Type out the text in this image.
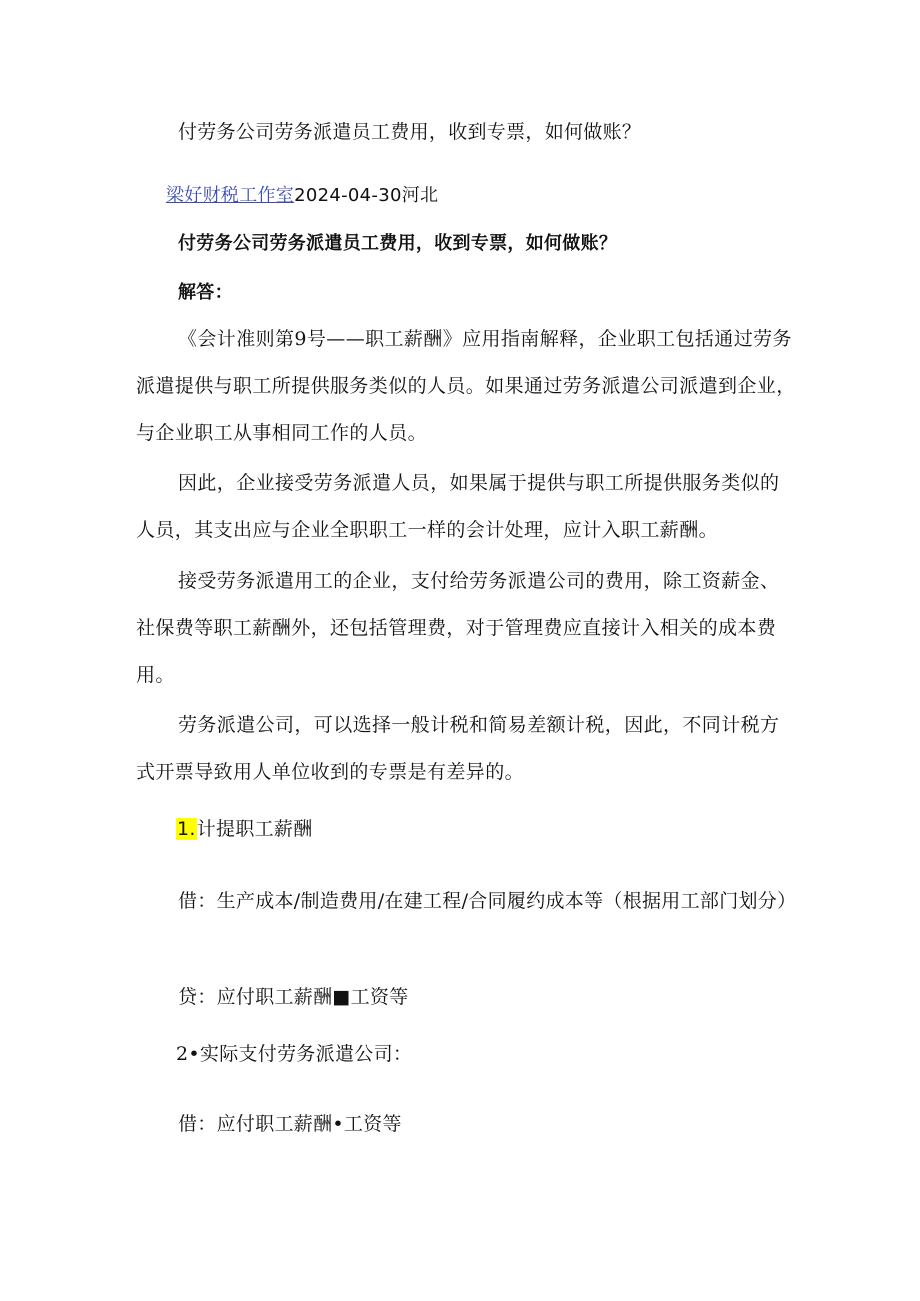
付劳务公司劳务派遣员工费用，收到专票，如何做账？
梁好财税工作室2024-04-30河北
付劳务公司劳务派遣员工费用，收到专票，如何做账？
解答：

《会计准则第9号——职工薪酬》应用指南解释，企业职工包括通过劳务派遣提供与职工所提供服务类似的人员。如果通过劳务派遣公司派遣到企业，与企业职工从事相同工作的人员。

因此，企业接受劳务派遣人员，如果属于提供与职工所提供服务类似的人员，其支出应与企业全职职工一样的会计处理，应计入职工薪酬。

接受劳务派遣用工的企业，支付给劳务派遣公司的费用，除工资薪金、社保费等职工薪酬外，还包括管理费，对于管理费应直接计入相关的成本费用。

劳务派遣公司，可以选择一般计税和简易差额计税，因此，不同计税方式开票导致用人单位收到的专票是有差异的。

1.计提职工薪酬

借：生产成本/制造费用/在建工程/合同履约成本等（根据用工部门划分）

贷：应付职工薪酬■工资等
2•实际支付劳务派遣公司：
借：应付职工薪酬•工资等
